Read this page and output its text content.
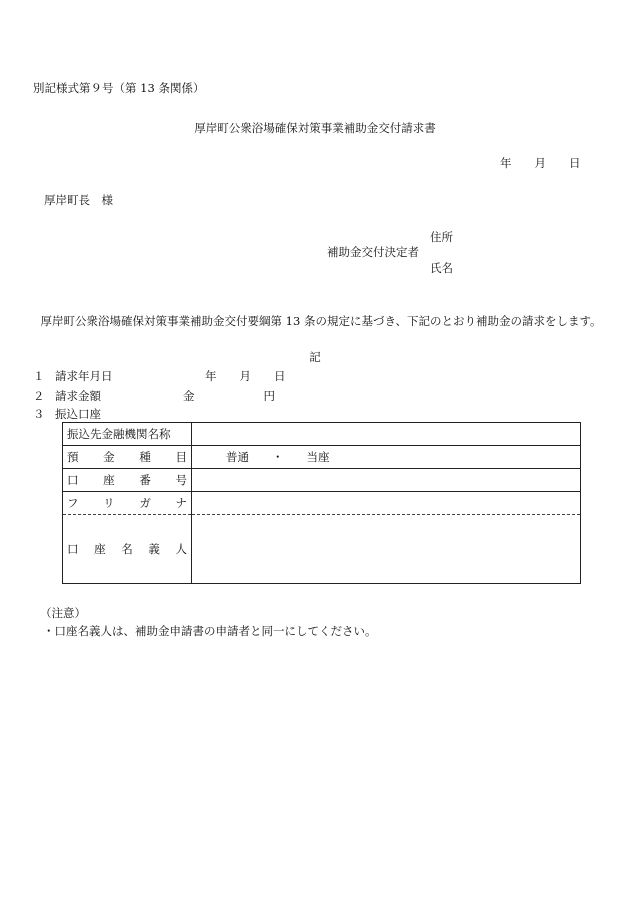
別記様式第９号（第 13 条関係）
厚岸町公衆浴場確保対策事業補助金交付請求書
年　　月　　日
厚岸町長　様
住所
補助金交付決定者
氏名
　厚岸町公衆浴場確保対策事業補助金交付要綱第 13 条の規定に基づき、下記のとおり補助金の請求をします。
記
１ 請求年月日	年　　月　　日
２ 請求金額	金　　　　　　円
３ 振込口座
振込先金融機関名称	

預 金 種 目	普通　　・　　当座

口 座 番 号	

フ リ ガ ナ	

口 座 名 義 人	

（注意）
・口座名義人は、補助金申請書の申請者と同一にしてください。
